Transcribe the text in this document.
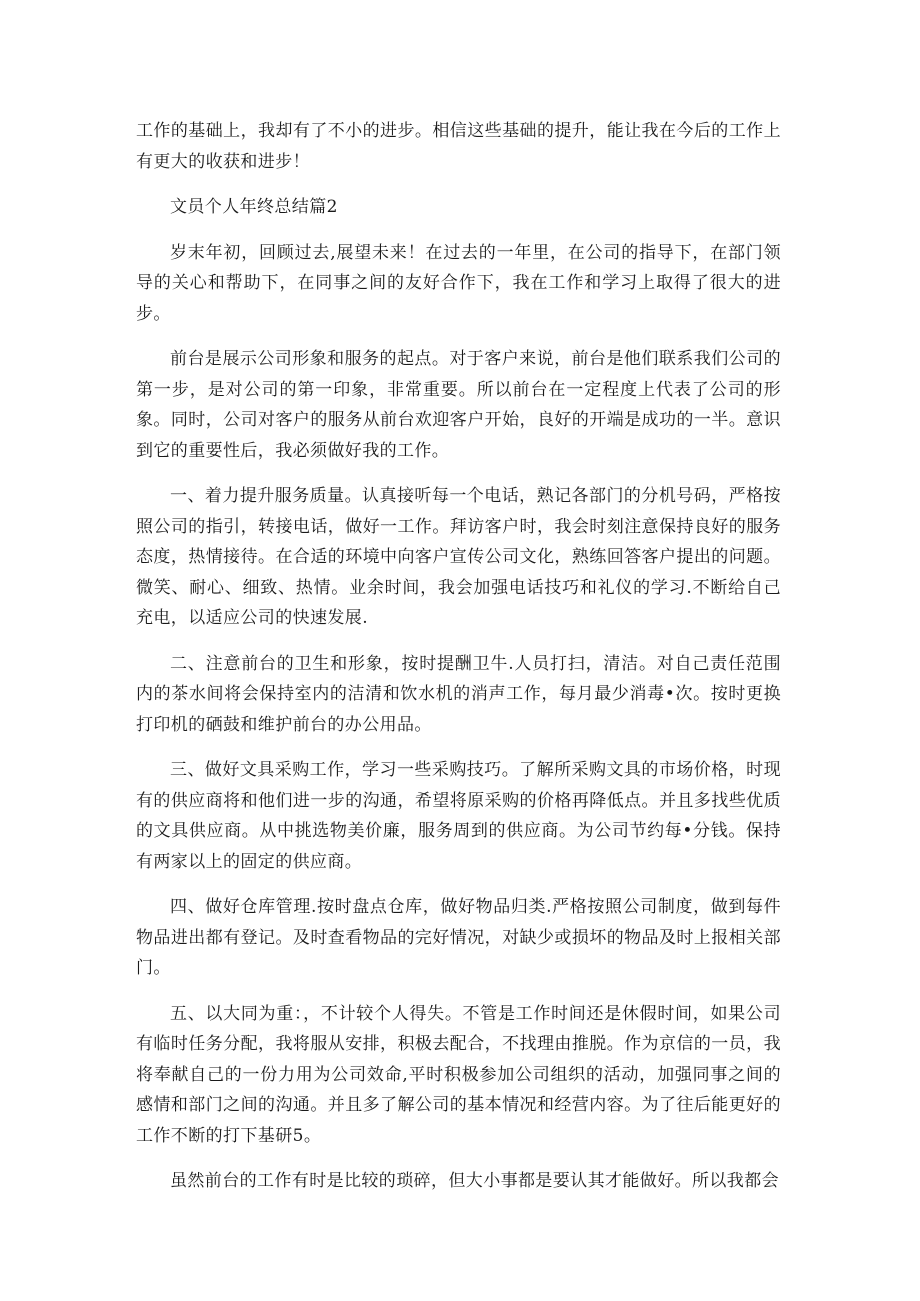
工作的基础上，我却有了不小的进步。相信这些基础的提升，能让我在今后的工作上有更大的收获和进步！

文员个人年终总结篇2

岁末年初，回顾过去,展望未来！在过去的一年里，在公司的指导下，在部门领导的关心和帮助下，在同事之间的友好合作下，我在工作和学习上取得了很大的进步。

前台是展示公司形象和服务的起点。对于客户来说，前台是他们联系我们公司的第一步，是对公司的第一印象，非常重要。所以前台在一定程度上代表了公司的形象。同时，公司对客户的服务从前台欢迎客户开始，良好的开端是成功的一半。意识到它的重要性后，我必须做好我的工作。

一、着力提升服务质量。认真接听每一个电话，熟记各部门的分机号码，严格按照公司的指引，转接电话，做好一工作。拜访客户时，我会时刻注意保持良好的服务态度，热情接待。在合适的环境中向客户宣传公司文化，熟练回答客户提出的问题。微笑、耐心、细致、热情。业余时间，我会加强电话技巧和礼仪的学习.不断给自己充电，以适应公司的快速发展.

二、注意前台的卫生和形象，按时提酬卫牛.人员打扫，清洁。对自己责任范围内的茶水间将会保持室内的洁清和饮水机的消声工作，每月最少消毒•次。按时更换打印机的硒鼓和维护前台的办公用品。

三、做好文具采购工作，学习一些采购技巧。了解所采购文具的市场价格，时现有的供应商将和他们进一步的沟通，希望将原采购的价格再降低点。并且多找些优质的文具供应商。从中挑选物美价廉，服务周到的供应商。为公司节约每•分钱。保持有两家以上的固定的供应商。

四、做好仓库管理.按时盘点仓库，做好物品归类.严格按照公司制度，做到每件物品进出都有登记。及时查看物品的完好情况，对缺少或损坏的物品及时上报相关部门。

五、以大同为重：，不计较个人得失。不管是工作时间还是休假时间，如果公司有临时任务分配，我将服从安排，积极去配合，不找理由推脱。作为京信的一员，我将奉献自己的一份力用为公司效命,平时积极参加公司组织的活动，加强同事之间的感情和部门之间的沟通。并且多了解公司的基本情况和经营内容。为了往后能更好的工作不断的打下基研5。

虽然前台的工作有时是比较的琐碎，但大小事都是要认其才能做好。所以我都会
